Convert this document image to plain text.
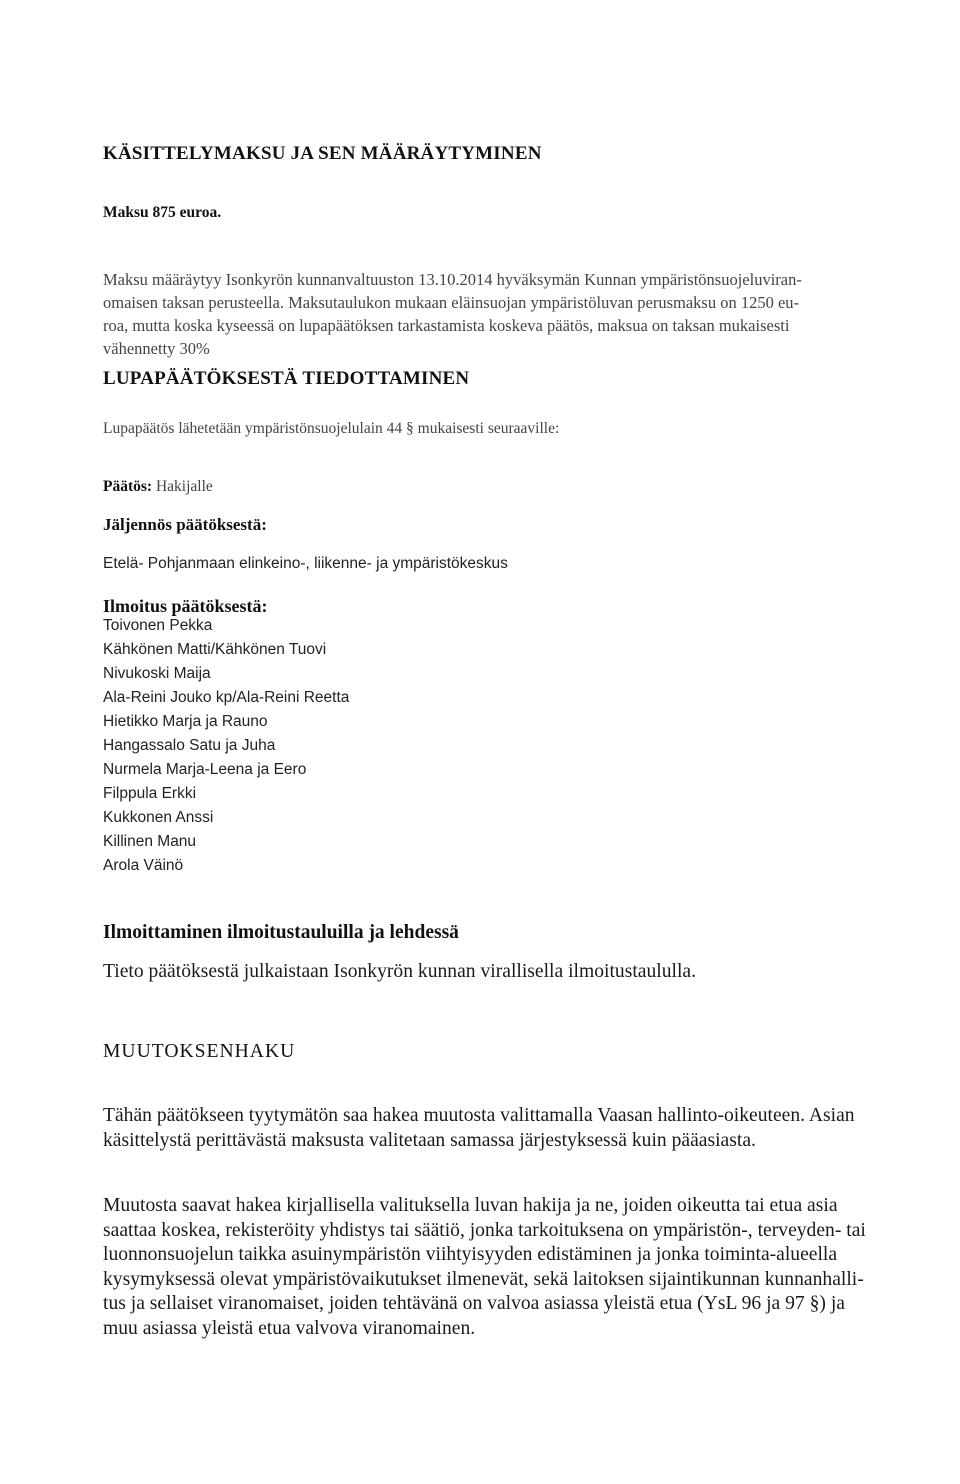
KÄSITTELYMAKSU JA SEN MÄÄRÄYTYMINEN

Maksu 875 euroa.

Maksu määräytyy Isonkyrön kunnanvaltuuston 13.10.2014 hyväksymän Kunnan ympäristönsuojeluviran-
omaisen taksan perusteella. Maksutaulukon mukaan eläinsuojan ympäristöluvan perusmaksu on 1250 eu-
roa, mutta koska kyseessä on lupapäätöksen tarkastamista koskeva päätös, maksua on taksan mukaisesti
vähennetty 30%
LUPAPÄÄTÖKSESTÄ TIEDOTTAMINEN

Lupapäätös lähetetään ympäristönsuojelulain 44 § mukaisesti seuraaville:

Päätös: Hakijalle

Jäljennös päätöksestä:

Etelä- Pohjanmaan elinkeino-, liikenne- ja ympäristökeskus

Ilmoitus päätöksestä:

Toivonen Pekka
Kähkönen Matti/Kähkönen Tuovi
Nivukoski Maija
Ala-Reini Jouko kp/Ala-Reini Reetta
Hietikko Marja ja Rauno
Hangassalo Satu ja Juha
Nurmela Marja-Leena ja Eero
Filppula Erkki
Kukkonen Anssi
Killinen Manu
Arola Väinö
Ilmoittaminen ilmoitustauluilla ja lehdessä

Tieto päätöksestä julkaistaan Isonkyrön kunnan virallisella ilmoitustaululla.

MUUTOKSENHAKU
Tähän päätökseen tyytymätön saa hakea muutosta valittamalla Vaasan hallinto-oikeuteen. Asian
käsittelystä perittävästä maksusta valitetaan samassa järjestyksessä kuin pääasiasta.
Muutosta saavat hakea kirjallisella valituksella luvan hakija ja ne, joiden oikeutta tai etua asia
saattaa koskea, rekisteröity yhdistys tai säätiö, jonka tarkoituksena on ympäristön-, terveyden- tai
luonnonsuojelun taikka asuinympäristön viihtyisyyden edistäminen ja jonka toiminta-alueella
kysymyksessä olevat ympäristövaikutukset ilmenevät, sekä laitoksen sijaintikunnan kunnanhalli-
tus ja sellaiset viranomaiset, joiden tehtävänä on valvoa asiassa yleistä etua (YsL 96 ja 97 §) ja
muu asiassa yleistä etua valvova viranomainen.
